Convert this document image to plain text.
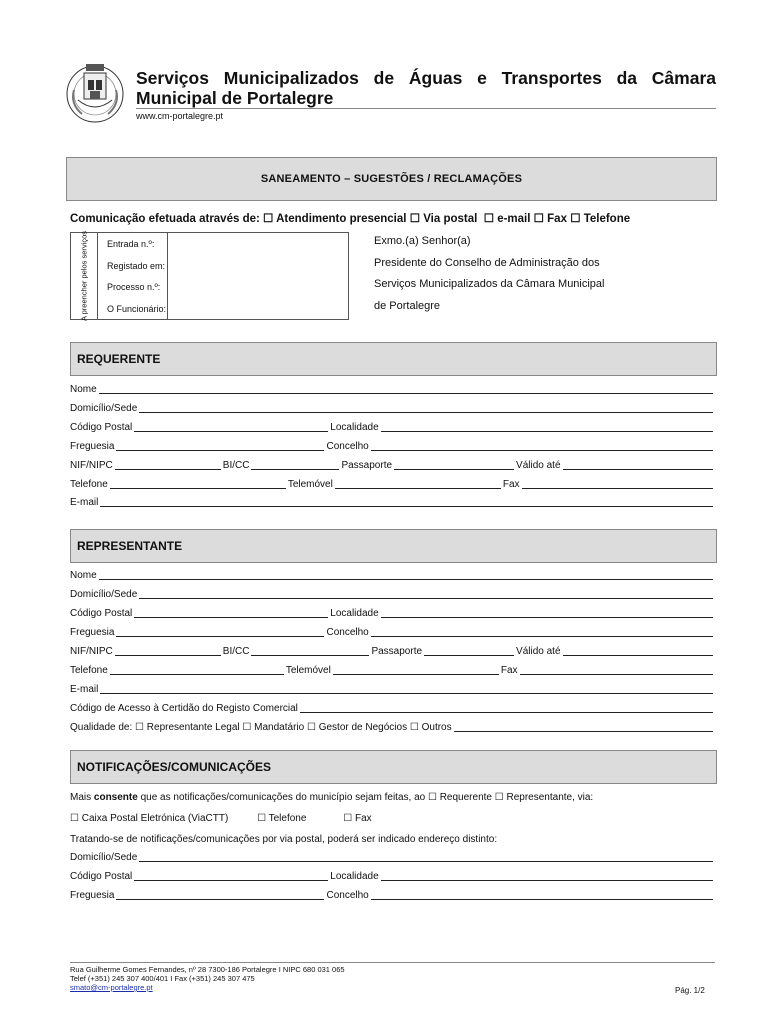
Serviços Municipalizados de Águas e Transportes da Câmara Municipal de Portalegre
www.cm-portalegre.pt
SANEAMENTO – SUGESTÕES / RECLAMAÇÕES
Comunicação efetuada através de: ☐ Atendimento presencial ☐ Via postal ☐ e-mail ☐ Fax ☐ Telefone
A preencher pelos serviços Entrada n.º:
Registado em:
Processo n.º:
O Funcionário:
Exmo.(a) Senhor(a)
Presidente do Conselho de Administração dos
Serviços Municipalizados da Câmara Municipal
de Portalegre
REQUERENTE
Nome
Domicílio/Sede
Código Postal	Localidade
Freguesia	Concelho
NIF/NIPC	BI/CC	Passaporte	Válido até
Telefone	Telemóvel	Fax
E-mail
REPRESENTANTE
Nome
Domicílio/Sede
Código Postal	Localidade
Freguesia	Concelho
NIF/NIPC	BI/CC	Passaporte	Válido até
Telefone	Telemóvel	Fax
E-mail
Código de Acesso à Certidão do Registo Comercial
Qualidade de: ☐ Representante Legal ☐ Mandatário ☐ Gestor de Negócios ☐ Outros
NOTIFICAÇÕES/COMUNICAÇÕES
Mais consente que as notificações/comunicações do município sejam feitas, ao ☐ Requerente ☐ Representante, via:
☐ Caixa Postal Eletrónica (ViaCTT)	☐ Telefone	☐ Fax
Tratando-se de notificações/comunicações por via postal, poderá ser indicado endereço distinto:
Domicílio/Sede
Código Postal	Localidade
Freguesia	Concelho
Rua Guilherme Gomes Fernandes, nº 28 7300-186 Portalegre I NIPC 680 031 065
Telef (+351) 245 307 400/401 I Fax (+351) 245 307 475
smato@cm-portalegre.pt	Pág. 1/2
